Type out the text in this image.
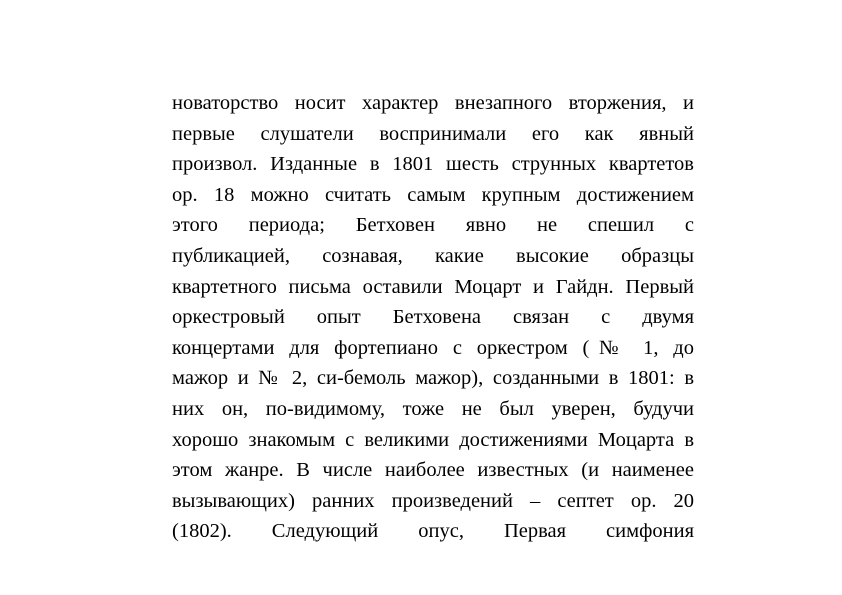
новаторство носит характер внезапного вторжения, и
первые слушатели воспринимали его как явный
произвол. Изданные в 1801 шесть струнных квартетов
ор. 18 можно считать самым крупным достижением
этого периода; Бетховен явно не спешил с
публикацией, сознавая, какие высокие образцы
квартетного письма оставили Моцарт и Гайдн. Первый
оркестровый опыт Бетховена связан с двумя
концертами для фортепиано с оркестром (№ 1, до
мажор и № 2, си-бемоль мажор), созданными в 1801: в
них он, по-видимому, тоже не был уверен, будучи
хорошо знакомым с великими достижениями Моцарта в
этом жанре. В числе наиболее известных (и наименее
вызывающих) ранних произведений – септет ор. 20
(1802). Следующий опус, Первая симфония
